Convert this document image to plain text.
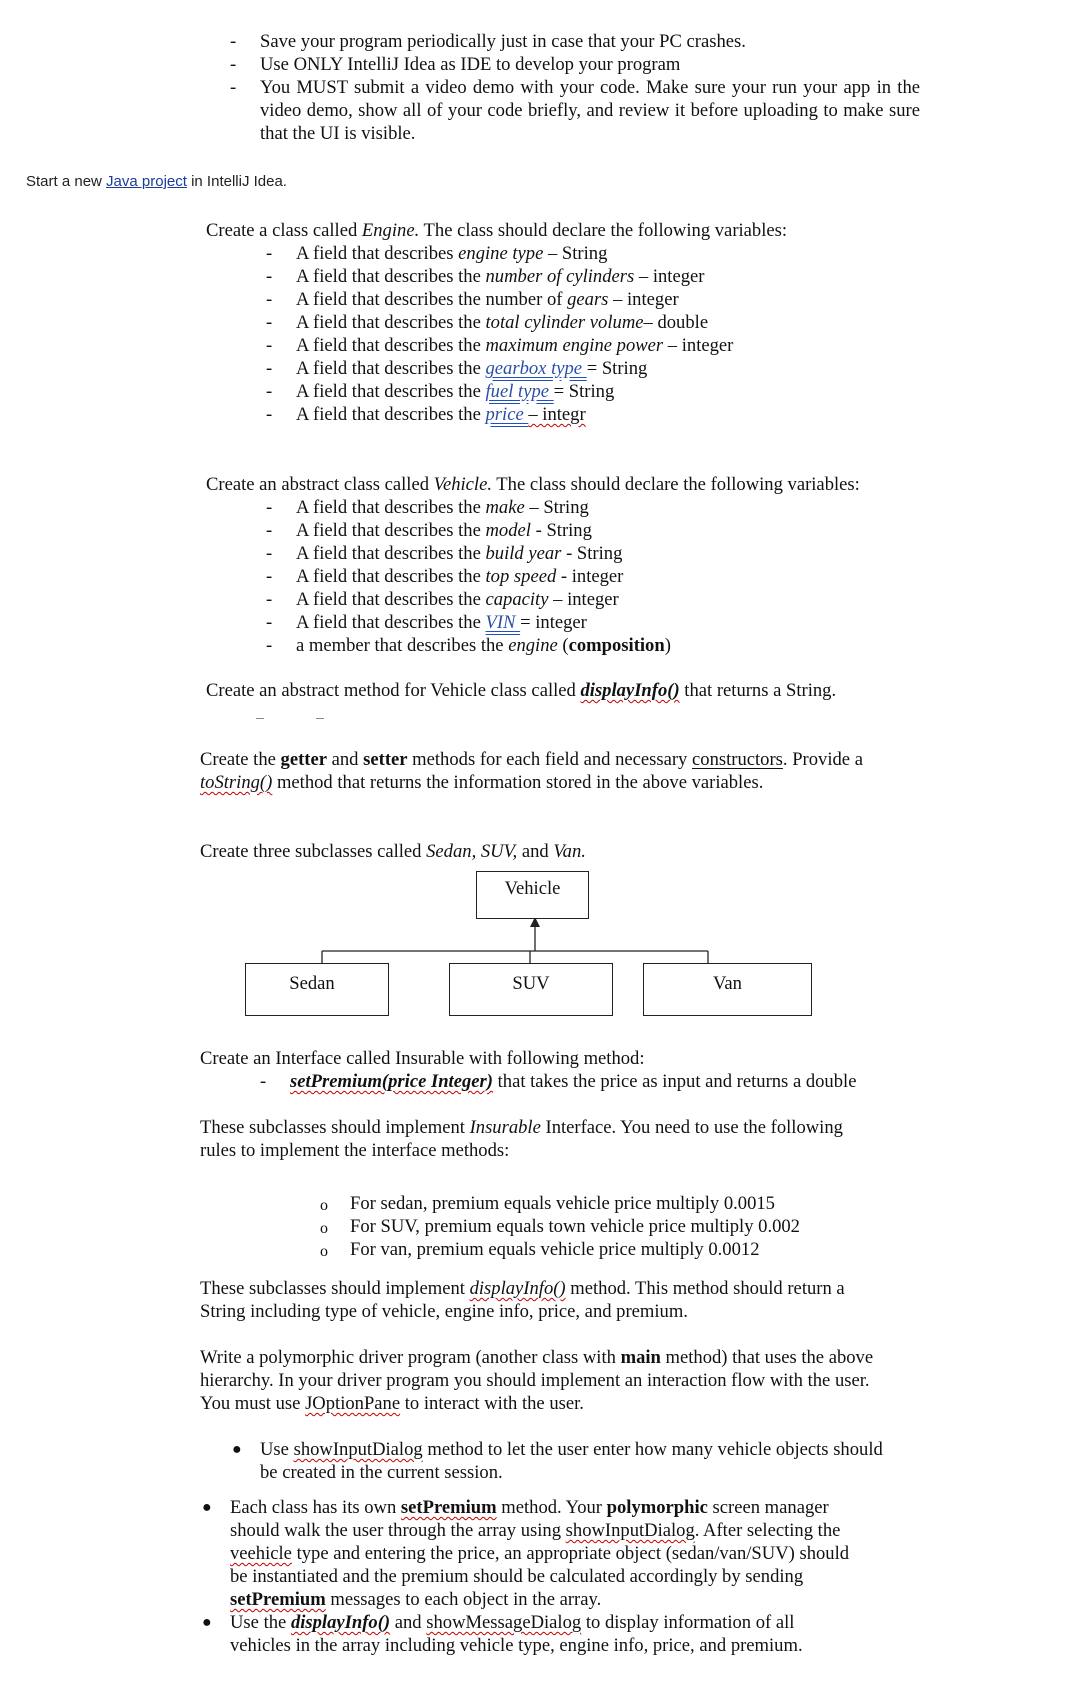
-	Save your program periodically just in case that your PC crashes.
-	Use ONLY IntelliJ Idea as IDE to develop your program
-	You MUST submit a video demo with your code. Make sure your run your app in the video demo, show all of your code briefly, and review it before uploading to make sure that the UI is visible.
Start a new Java project in IntelliJ Idea.
Create a class called Engine. The class should declare the following variables:
-	A field that describes engine type – String
-	A field that describes the number of cylinders – integer
-	A field that describes the number of gears – integer
-	A field that describes the total cylinder volume– double
-	A field that describes the maximum engine power – integer
-	A field that describes the gearbox type = String
-	A field that describes the fuel type = String
-	A field that describes the price – integr
Create an abstract class called Vehicle. The class should declare the following variables:
-	A field that describes the make – String
-	A field that describes the model - String
-	A field that describes the build year - String
-	A field that describes the top speed - integer
-	A field that describes the capacity – integer
-	A field that describes the VIN = integer
-	a member that describes the engine (composition)
Create an abstract method for Vehicle class called displayInfo() that returns a String.
Create the getter and setter methods for each field and necessary constructors. Provide a
toString() method that returns the information stored in the above variables.
Create three subclasses called Sedan, SUV, and Van.
Vehicle
Sedan	SUV	Van
Create an Interface called Insurable with following method:
-	setPremium(price Integer) that takes the price as input and returns a double
These subclasses should implement Insurable Interface. You need to use the following
rules to implement the interface methods:
o For sedan, premium equals vehicle price multiply 0.0015
o For SUV, premium equals town vehicle price multiply 0.002
o For van, premium equals vehicle price multiply 0.0012
These subclasses should implement displayInfo() method. This method should return a
String including type of vehicle, engine info, price, and premium.
Write a polymorphic driver program (another class with main method) that uses the above
hierarchy. In your driver program you should implement an interaction flow with the user.
You must use JOptionPane to interact with the user.
● Use showInputDialog method to let the user enter how many vehicle objects should
be created in the current session.
● Each class has its own setPremium method. Your polymorphic screen manager
should walk the user through the array using showInputDialog. After selecting the
veehicle type and entering the price, an appropriate object (sedan/van/SUV) should
be instantiated and the premium should be calculated accordingly by sending
setPremium messages to each object in the array.
● Use the displayInfo() and showMessageDialog to display information of all
vehicles in the array including vehicle type, engine info, price, and premium.
